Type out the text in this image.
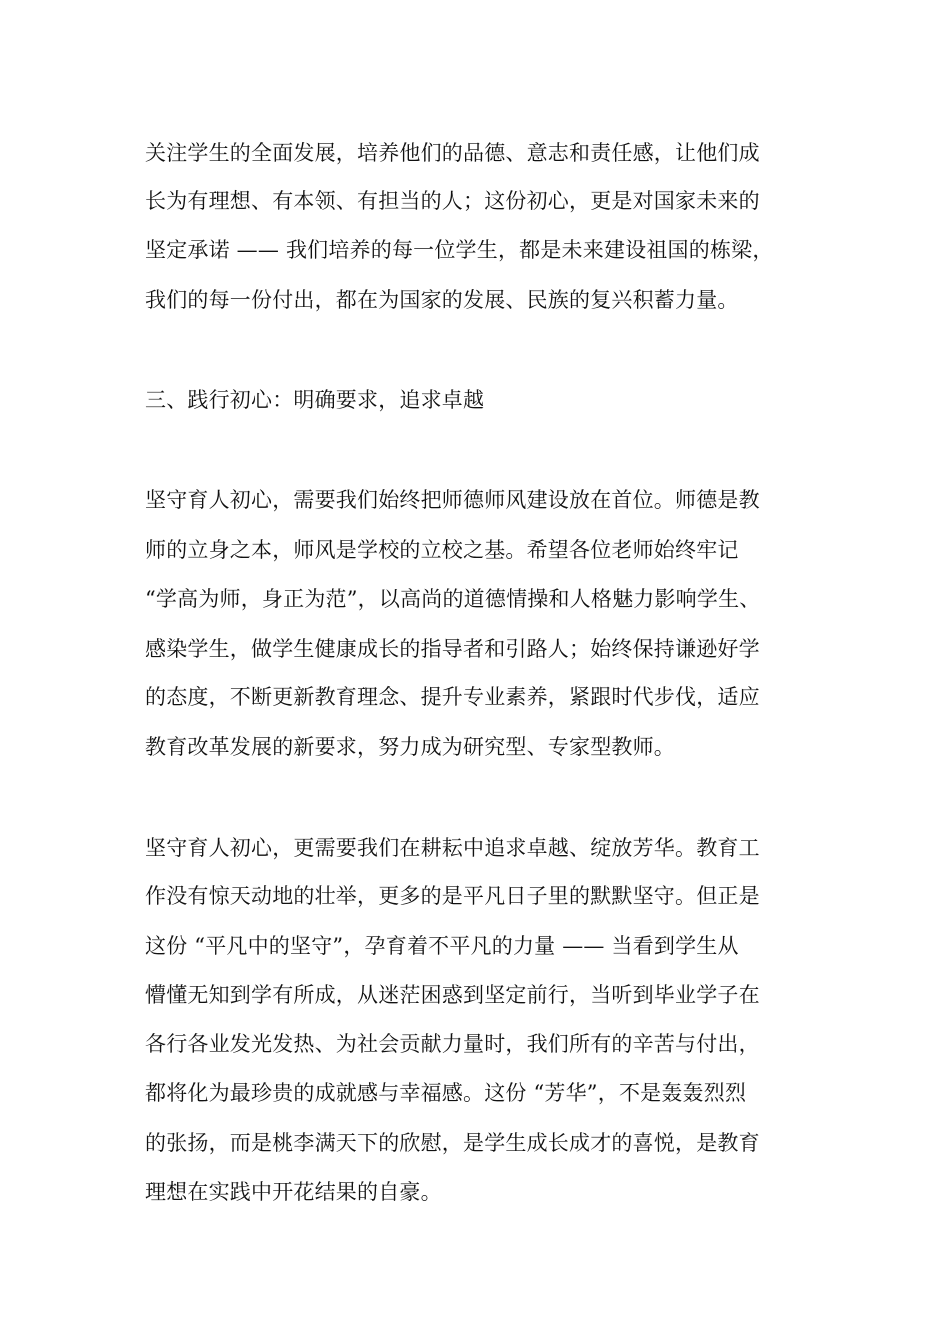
关注学生的全面发展，培养他们的品德、意志和责任感，让他们成
长为有理想、有本领、有担当的人；这份初心，更是对国家未来的
坚定承诺 —— 我们培养的每一位学生，都是未来建设祖国的栋梁，
我们的每一份付出，都在为国家的发展、民族的复兴积蓄力量。
三、践行初心：明确要求，追求卓越
坚守育人初心，需要我们始终把师德师风建设放在首位。师德是教
师的立身之本，师风是学校的立校之基。希望各位老师始终牢记
“学高为师，身正为范”，以高尚的道德情操和人格魅力影响学生、
感染学生，做学生健康成长的指导者和引路人；始终保持谦逊好学
的态度，不断更新教育理念、提升专业素养，紧跟时代步伐，适应
教育改革发展的新要求，努力成为研究型、专家型教师。
坚守育人初心，更需要我们在耕耘中追求卓越、绽放芳华。教育工
作没有惊天动地的壮举，更多的是平凡日子里的默默坚守。但正是
这份 “平凡中的坚守”，孕育着不平凡的力量 —— 当看到学生从
懵懂无知到学有所成，从迷茫困惑到坚定前行，当听到毕业学子在
各行各业发光发热、为社会贡献力量时，我们所有的辛苦与付出，
都将化为最珍贵的成就感与幸福感。这份 “芳华”，不是轰轰烈烈
的张扬，而是桃李满天下的欣慰，是学生成长成才的喜悦，是教育
理想在实践中开花结果的自豪。
